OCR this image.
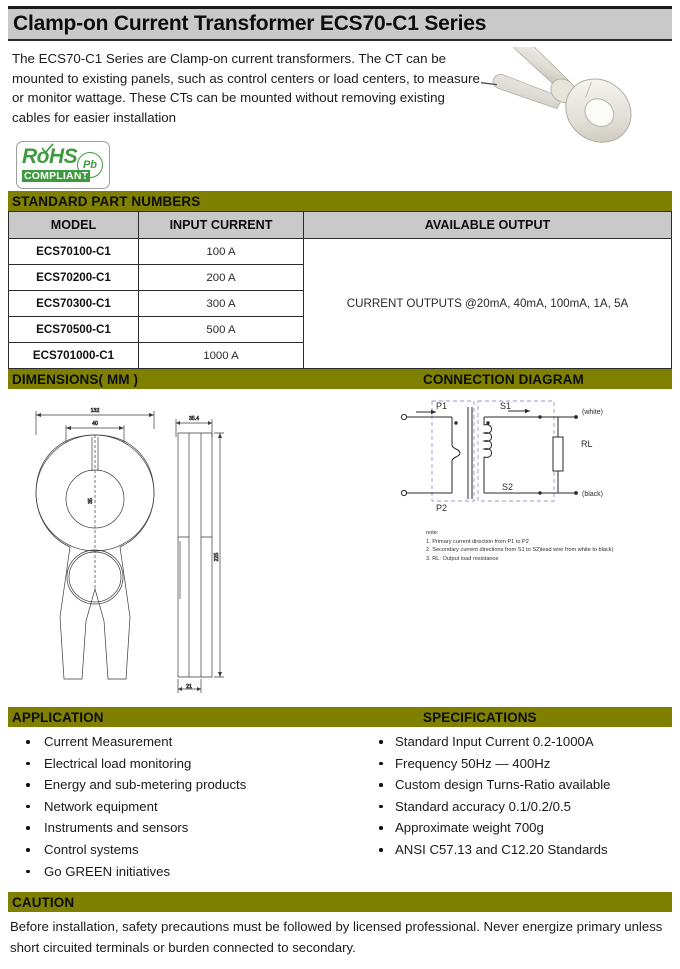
Clamp-on Current Transformer ECS70-C1 Series
The ECS70-C1 Series are Clamp-on current transformers. The CT can be mounted to existing panels, such as control centers or load centers, to measure or monitor wattage. These CTs can be mounted without removing existing cables for easier installation
RoHS
COMPLIANT
Pb
STANDARD PART NUMBERS
MODEL	INPUT CURRENT	AVAILABLE OUTPUT
ECS70100-C1	100 A	CURRENT OUTPUTS @20mA, 40mA, 100mA, 1A, 5A
ECS70200-C1	200 A	
ECS70300-C1	300 A	
ECS70500-C1	500 A	
ECS701000-C1	1000 A	
DIMENSIONS( MM )	CONNECTION DIAGRAM
132
40
35
35.4
225
21
P1
P2
S1
S2
RL
(white)
(black)
note:
1. Primary current direction from P1 to P2
2. Secondary current directions from S1 to S2)lead wire from white to black)
3. RL: Output load resistance
APPLICATION	SPECIFICATIONS
Current Measurement
Electrical load monitoring
Energy and sub-metering products
Network equipment
Instruments and sensors
Control systems
Go GREEN initiatives
Standard Input Current 0.2-1000A
Frequency 50Hz — 400Hz
Custom design Turns-Ratio available
Standard accuracy 0.1/0.2/0.5
Approximate weight 700g
ANSI C57.13 and C12.20 Standards
CAUTION
Before installation, safety precautions must be followed by licensed professional. Never energize primary unless short circuited terminals or burden connected to secondary.
